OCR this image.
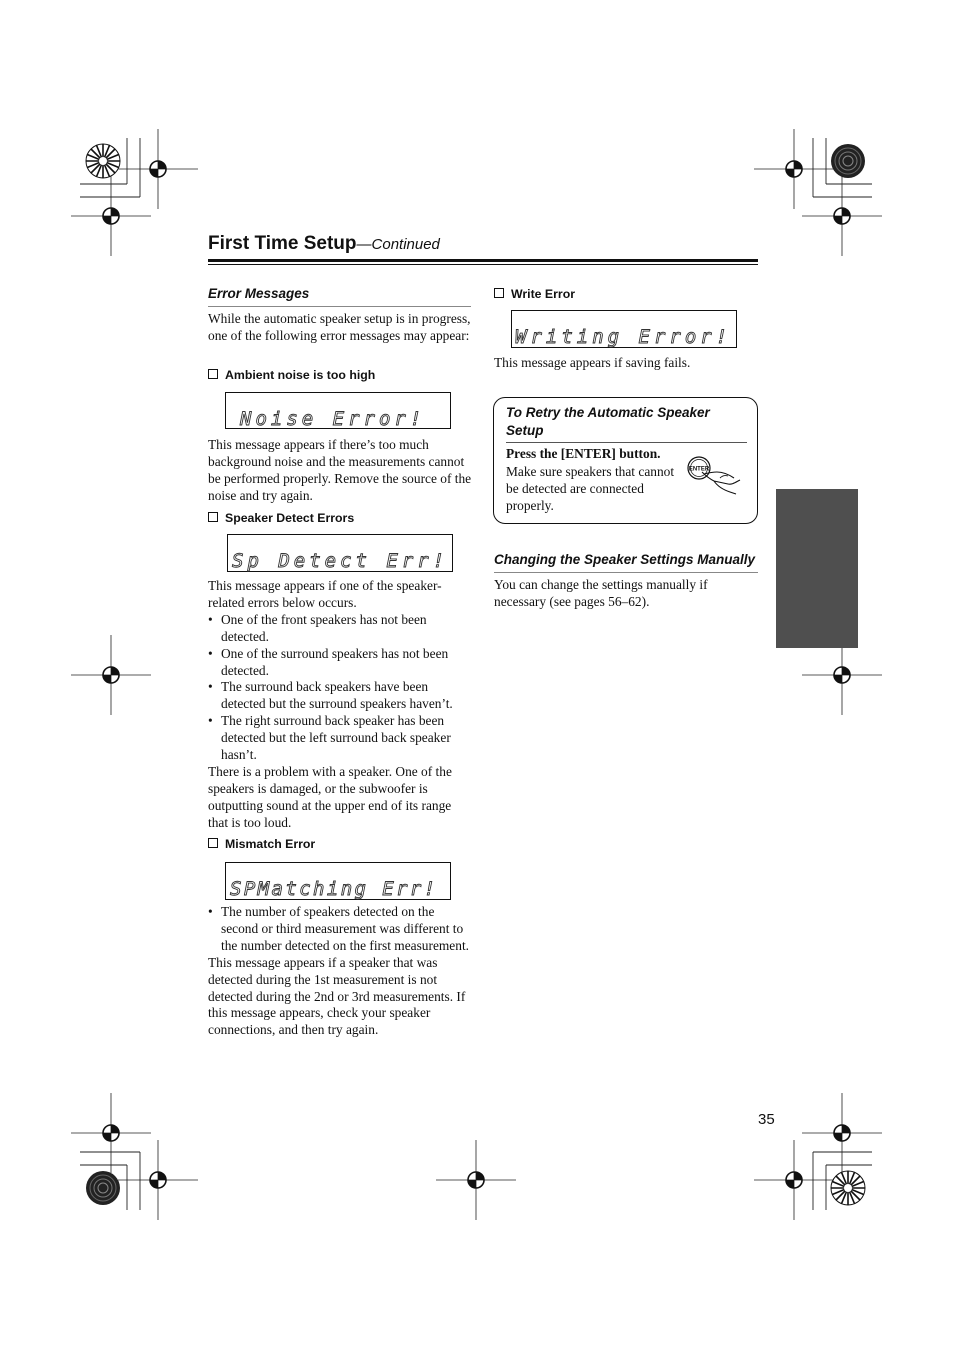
First Time Setup—Continued
Error Messages
While the automatic speaker setup is in progress, one of the following error messages may appear:
Ambient noise is too high
Noise Error!
This message appears if there’s too much background noise and the measurements cannot be performed properly. Remove the source of the noise and try again.
Speaker Detect Errors
Sp Detect Err!
This message appears if one of the speaker-related errors below occurs.
• One of the front speakers has not been detected.
• One of the surround speakers has not been detected.
• The surround back speakers have been detected but the surround speakers haven’t.
• The right surround back speaker has been detected but the left surround back speaker hasn’t.
There is a problem with a speaker. One of the speakers is damaged, or the subwoofer is outputting sound at the upper end of its range that is too loud.
Mismatch Error
SPMatching Err!
• The number of speakers detected on the second or third measurement was different to the number detected on the first measurement.
This message appears if a speaker that was detected during the 1st measurement is not detected during the 2nd or 3rd measurements. If this message appears, check your speaker connections, and then try again.
Write Error
Writing Error!
This message appears if saving fails.
To Retry the Automatic Speaker Setup
Press the [ENTER] button.
Make sure speakers that cannot be detected are connected properly.
ENTER
Changing the Speaker Settings Manually
You can change the settings manually if necessary (see pages 56–62).
35
